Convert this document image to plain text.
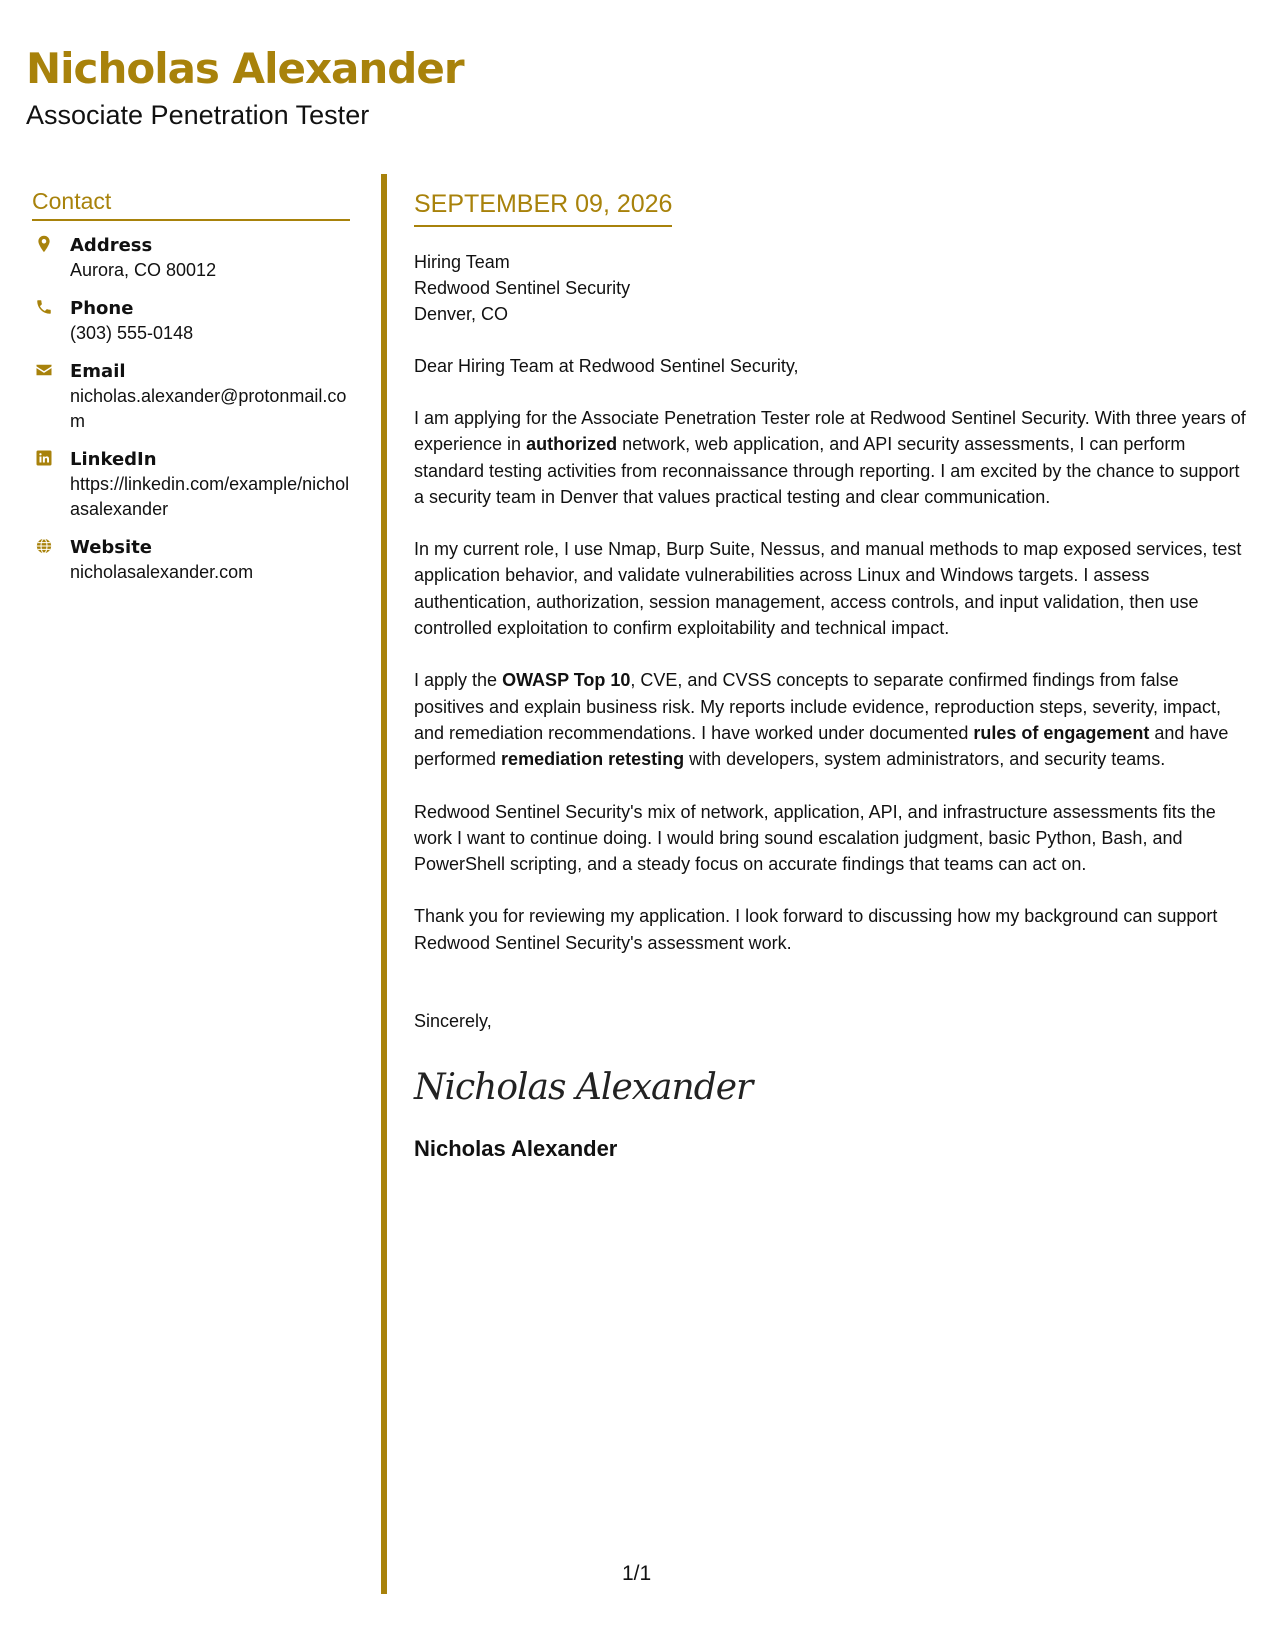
Nicholas Alexander
Associate Penetration Tester
Contact
Address
Aurora, CO 80012
Phone
(303) 555-0148
Email
nicholas.alexander@protonmail.com
LinkedIn
https://linkedin.com/example/nicholasalexander
Website
nicholasalexander.com
SEPTEMBER 09, 2026
Hiring Team
Redwood Sentinel Security
Denver, CO
Dear Hiring Team at Redwood Sentinel Security,

I am applying for the Associate Penetration Tester role at Redwood Sentinel Security. With three years of experience in authorized network, web application, and API security assessments, I can perform standard testing activities from reconnaissance through reporting. I am excited by the chance to support a security team in Denver that values practical testing and clear communication.

In my current role, I use Nmap, Burp Suite, Nessus, and manual methods to map exposed services, test application behavior, and validate vulnerabilities across Linux and Windows targets. I assess authentication, authorization, session management, access controls, and input validation, then use controlled exploitation to confirm exploitability and technical impact.

I apply the OWASP Top 10, CVE, and CVSS concepts to separate confirmed findings from false positives and explain business risk. My reports include evidence, reproduction steps, severity, impact, and remediation recommendations. I have worked under documented rules of engagement and have performed remediation retesting with developers, system administrators, and security teams.

Redwood Sentinel Security's mix of network, application, API, and infrastructure assessments fits the work I want to continue doing. I would bring sound escalation judgment, basic Python, Bash, and PowerShell scripting, and a steady focus on accurate findings that teams can act on.

Thank you for reviewing my application. I look forward to discussing how my background can support Redwood Sentinel Security's assessment work.

Sincerely,
Nicholas Alexander
Nicholas Alexander
1/1
